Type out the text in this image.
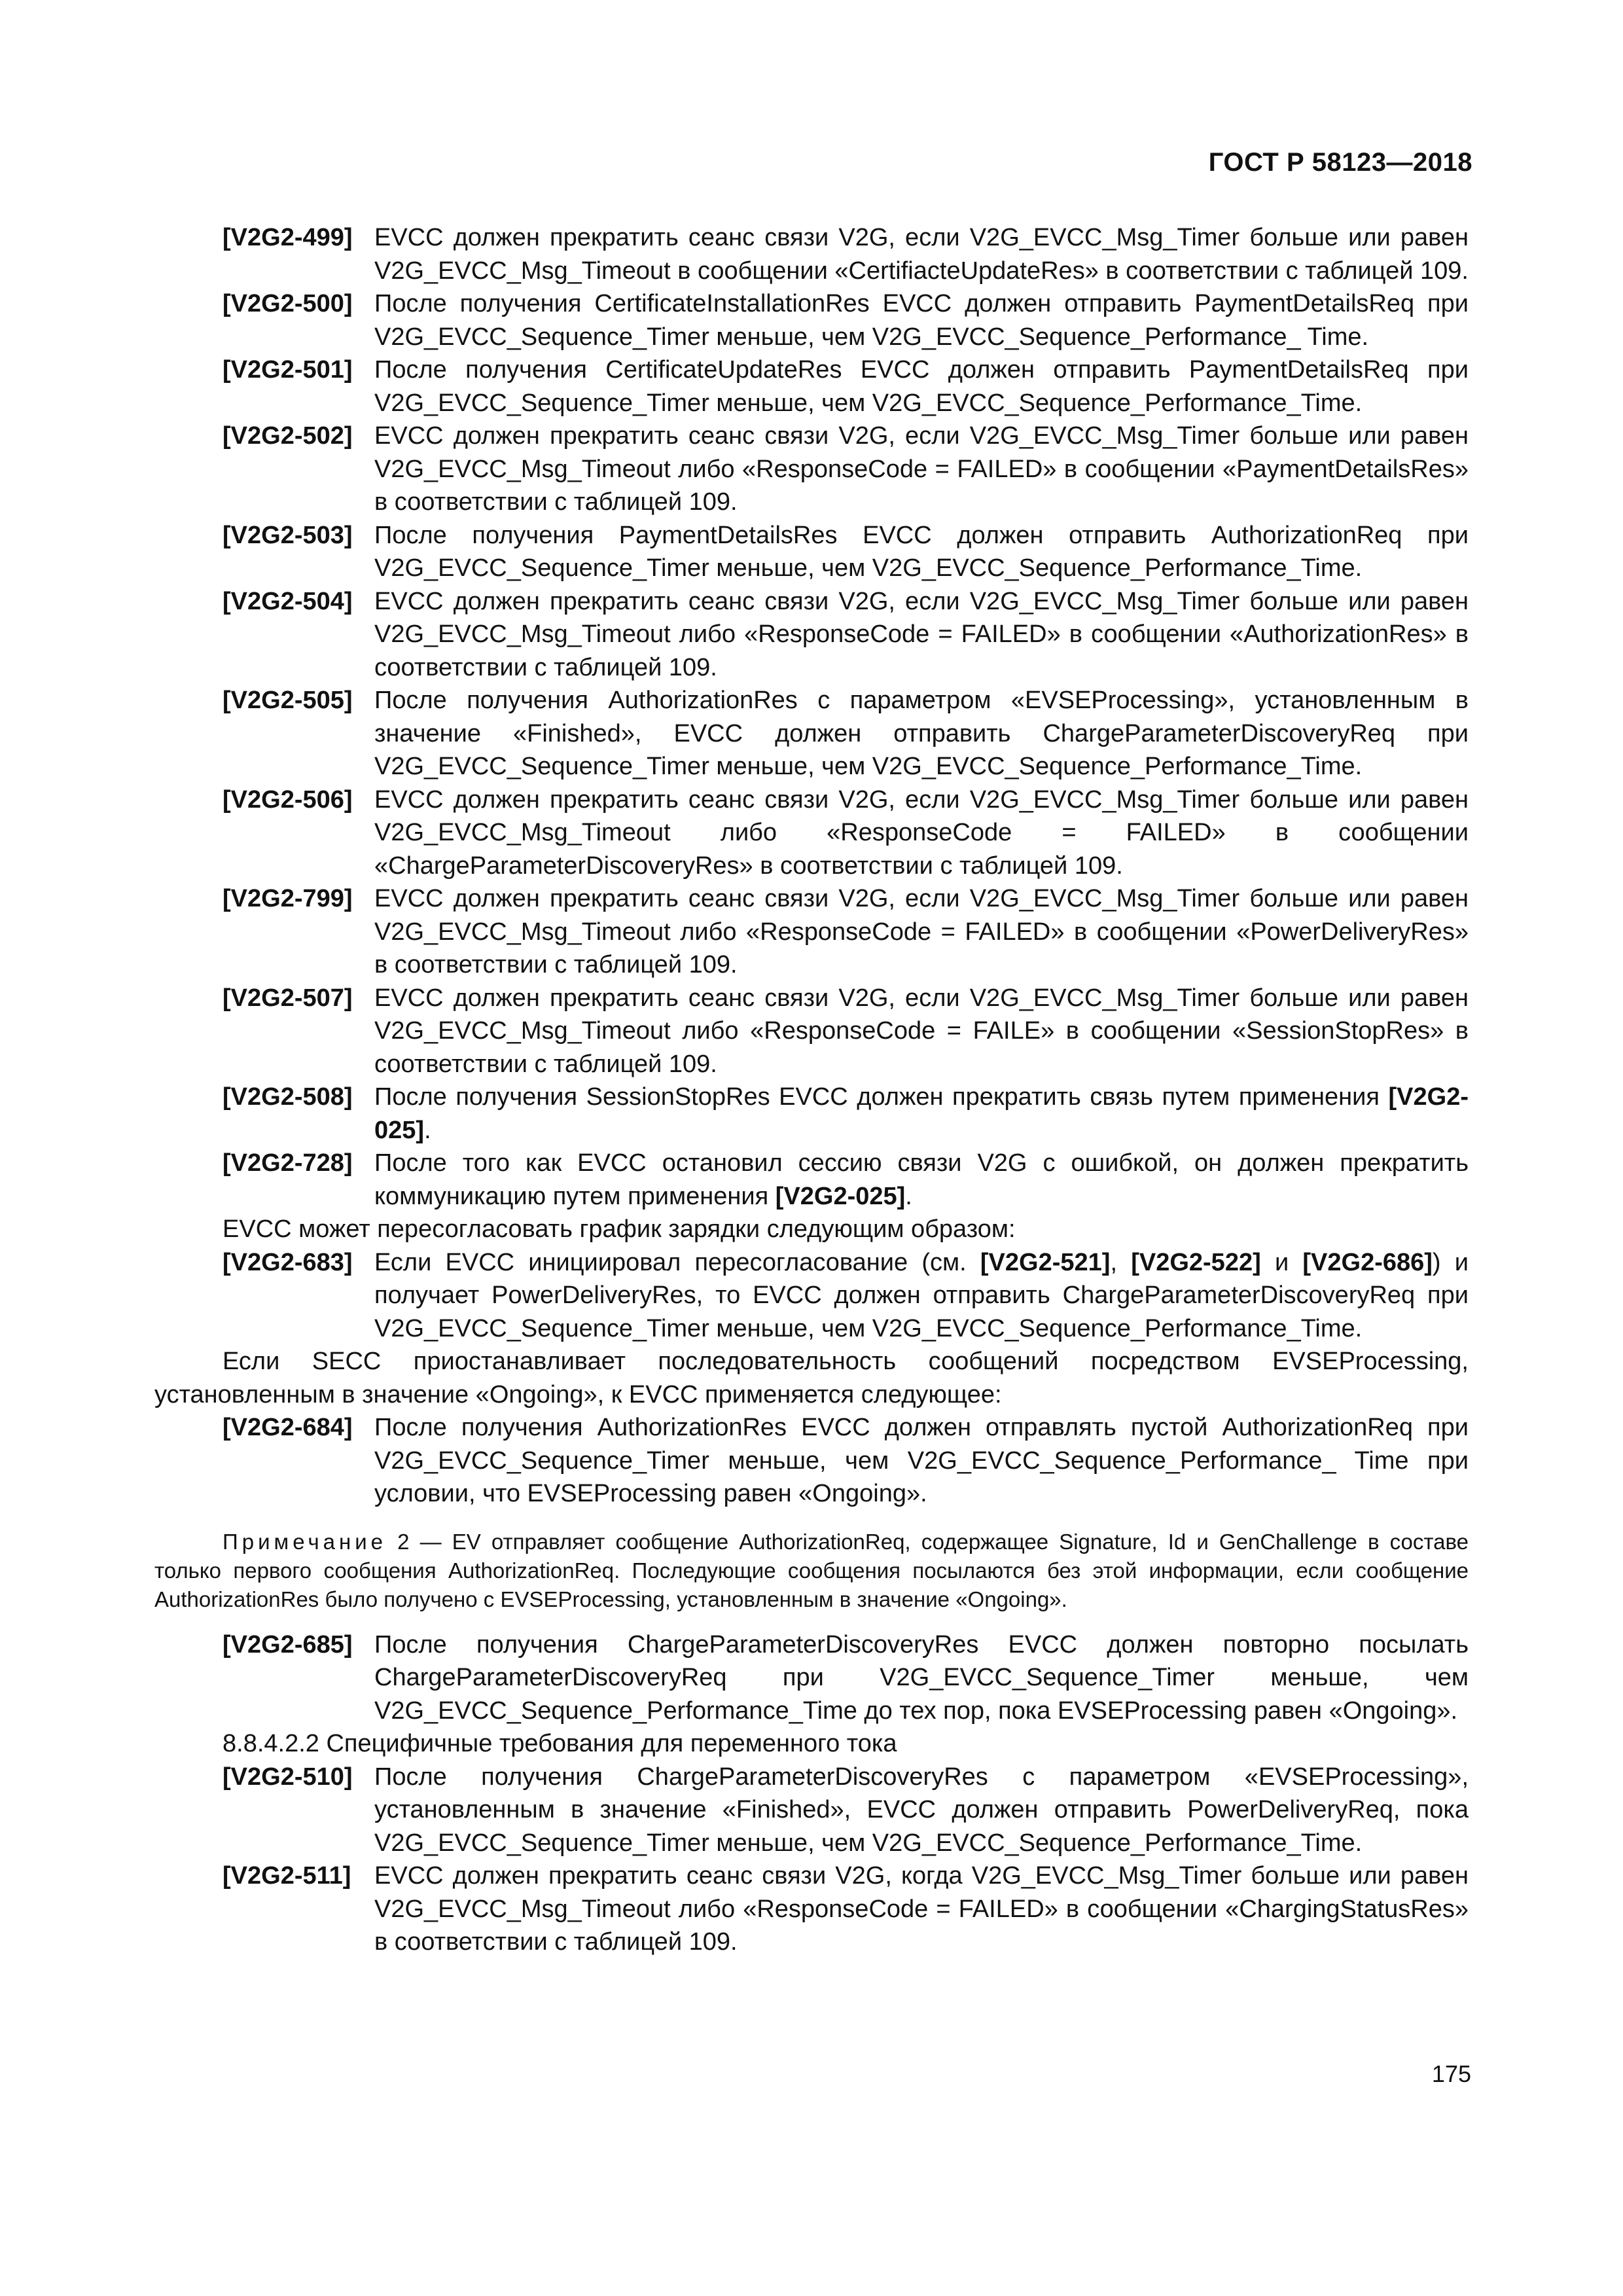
ГОСТ Р 58123—2018
[V2G2-499] EVCC должен прекратить сеанс связи V2G, если V2G_EVCC_Msg_Timer больше или равен V2G_EVCC_Msg_Timeout в сообщении «CertifiacteUpdateRes» в соответствии с таблицей 109.
[V2G2-500] После получения CertificateInstallationRes EVCC должен отправить PaymentDetailsReq при V2G_EVCC_Sequence_Timer меньше, чем V2G_EVCC_Sequence_Performance_ Time.
[V2G2-501] После получения CertificateUpdateRes EVCC должен отправить PaymentDetailsReq при V2G_EVCC_Sequence_Timer меньше, чем V2G_EVCC_Sequence_Performance_Time.
[V2G2-502] EVCC должен прекратить сеанс связи V2G, если V2G_EVCC_Msg_Timer больше или равен V2G_EVCC_Msg_Timeout либо «ResponseCode = FAILED» в сообщении «PaymentDetailsRes» в соответствии с таблицей 109.
[V2G2-503] После получения PaymentDetailsRes EVCC должен отправить AuthorizationReq при V2G_EVCC_Sequence_Timer меньше, чем V2G_EVCC_Sequence_Performance_Time.
[V2G2-504] EVCC должен прекратить сеанс связи V2G, если V2G_EVCC_Msg_Timer больше или равен V2G_EVCC_Msg_Timeout либо «ResponseCode = FAILED» в сообщении «AuthorizationRes» в соответствии с таблицей 109.
[V2G2-505] После получения AuthorizationRes с параметром «EVSEProcessing», установленным в значение «Finished», EVCC должен отправить ChargeParameterDiscoveryReq при V2G_EVCC_Sequence_Timer меньше, чем V2G_EVCC_Sequence_Performance_Time.
[V2G2-506] EVCC должен прекратить сеанс связи V2G, если V2G_EVCC_Msg_Timer больше или равен V2G_EVCC_Msg_Timeout либо «ResponseCode = FAILED» в сообщении «ChargeParameterDiscoveryRes» в соответствии с таблицей 109.
[V2G2-799] EVCC должен прекратить сеанс связи V2G, если V2G_EVCC_Msg_Timer больше или равен V2G_EVCC_Msg_Timeout либо «ResponseCode = FAILED» в сообщении «PowerDeliveryRes» в соответствии с таблицей 109.
[V2G2-507] EVCC должен прекратить сеанс связи V2G, если V2G_EVCC_Msg_Timer больше или равен V2G_EVCC_Msg_Timeout либо «ResponseCode = FAILE» в сообщении «SessionStopRes» в соответствии с таблицей 109.
[V2G2-508] После получения SessionStopRes EVCC должен прекратить связь путем применения [V2G2-025].
[V2G2-728] После того как EVCC остановил сессию связи V2G с ошибкой, он должен прекратить коммуникацию путем применения [V2G2-025].

EVCC может пересогласовать график зарядки следующим образом:

[V2G2-683] Если EVCC инициировал пересогласование (см. [V2G2-521], [V2G2-522] и [V2G2-686]) и получает PowerDeliveryRes, то EVCC должен отправить ChargeParameterDiscoveryReq при V2G_EVCC_Sequence_Timer меньше, чем V2G_EVCC_Sequence_Performance_Time.

Если SECC приостанавливает последовательность сообщений посредством EVSEProcessing, установленным в значение «Ongoing», к EVCC применяется следующее:

[V2G2-684] После получения AuthorizationRes EVCC должен отправлять пустой AuthorizationReq при V2G_EVCC_Sequence_Timer меньше, чем V2G_EVCC_Sequence_Performance_ Time при условии, что EVSEProcessing равен «Ongoing».

Примечание 2 — EV отправляет сообщение AuthorizationReq, содержащее Signature, Id и GenChallenge в составе только первого сообщения AuthorizationReq. Последующие сообщения посылаются без этой информации, если сообщение AuthorizationRes было получено с EVSEProcessing, установленным в значение «Ongoing».

[V2G2-685] После получения ChargeParameterDiscoveryRes EVCC должен повторно посылать ChargeParameterDiscoveryReq при V2G_EVCC_Sequence_Timer меньше, чем V2G_EVCC_Sequence_Performance_Time до тех пор, пока EVSEProcessing равен «Ongoing».

8.8.4.2.2 Специфичные требования для переменного тока

[V2G2-510] После получения ChargeParameterDiscoveryRes с параметром «EVSEProcessing», установленным в значение «Finished», EVCC должен отправить PowerDeliveryReq, пока V2G_EVCC_Sequence_Timer меньше, чем V2G_EVCC_Sequence_Performance_Time.
[V2G2-511] EVCC должен прекратить сеанс связи V2G, когда V2G_EVCC_Msg_Timer больше или равен V2G_EVCC_Msg_Timeout либо «ResponseCode = FAILED» в сообщении «ChargingStatusRes» в соответствии с таблицей 109.
175
